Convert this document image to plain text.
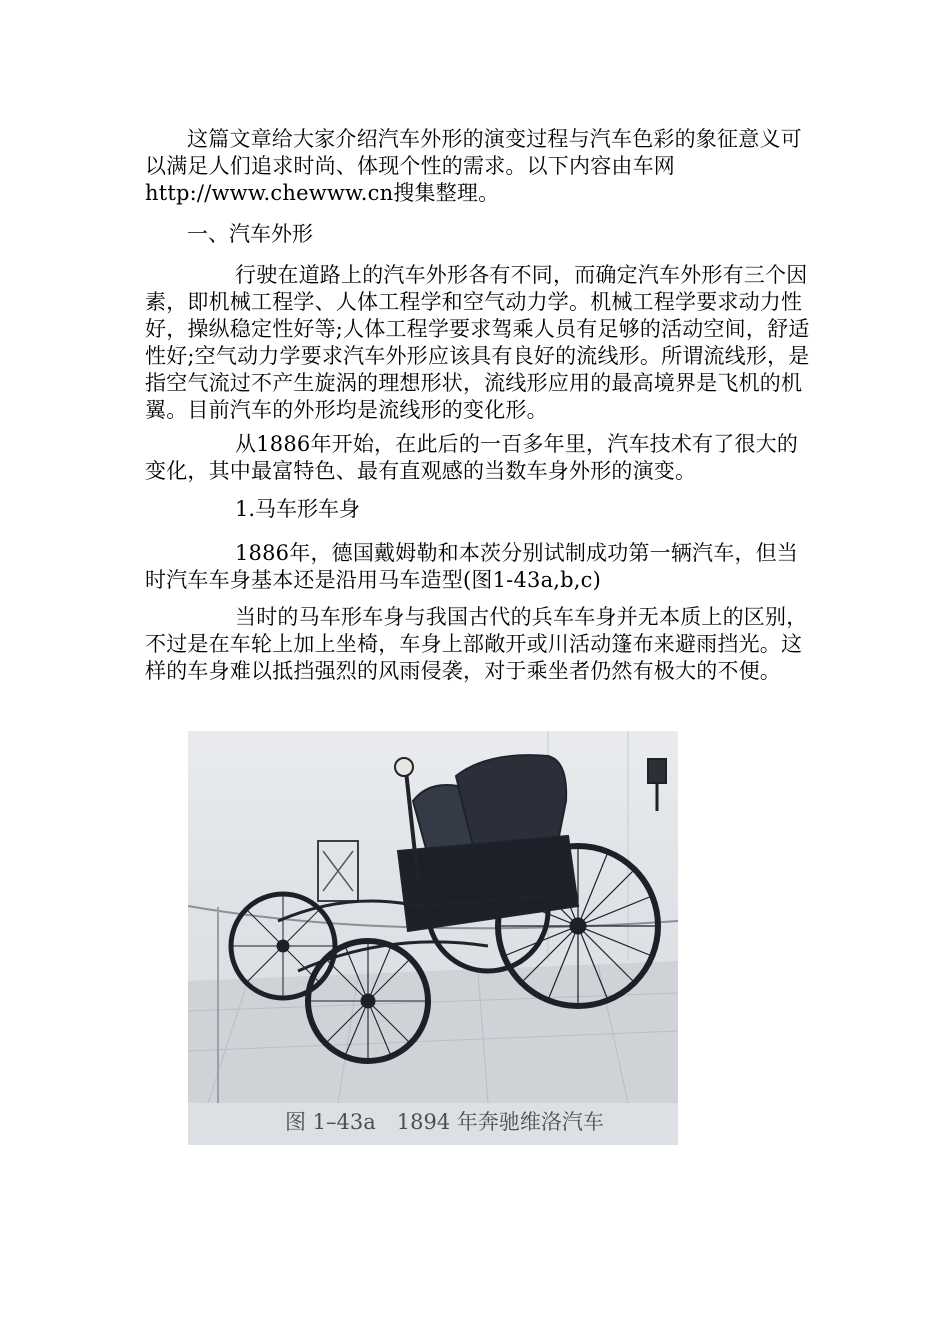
这篇文章给大家介绍汽车外形的演变过程与汽车色彩的象征意义可以满足人们追求时尚、体现个性的需求。以下内容由车网http://www.chewww.cn搜集整理。

一、汽车外形

行驶在道路上的汽车外形各有不同，而确定汽车外形有三个因素，即机械工程学、人体工程学和空气动力学。机械工程学要求动力性好，操纵稳定性好等;人体工程学要求驾乘人员有足够的活动空间，舒适性好;空气动力学要求汽车外形应该具有良好的流线形。所谓流线形，是指空气流过不产生旋涡的理想形状，流线形应用的最高境界是飞机的机翼。目前汽车的外形均是流线形的变化形。

从1886年开始，在此后的一百多年里，汽车技术有了很大的变化，其中最富特色、最有直观感的当数车身外形的演变。

1.马车形车身

1886年，德国戴姆勒和本茨分别试制成功第一辆汽车，但当时汽车车身基本还是沿用马车造型(图1-43a,b,c)

当时的马车形车身与我国古代的兵车车身并无本质上的区别，不过是在车轮上加上坐椅，车身上部敞开或川活动篷布来避雨挡光。这样的车身难以抵挡强烈的风雨侵袭，对于乘坐者仍然有极大的不便。

图 1–43a　1894 年奔驰维洛汽车
